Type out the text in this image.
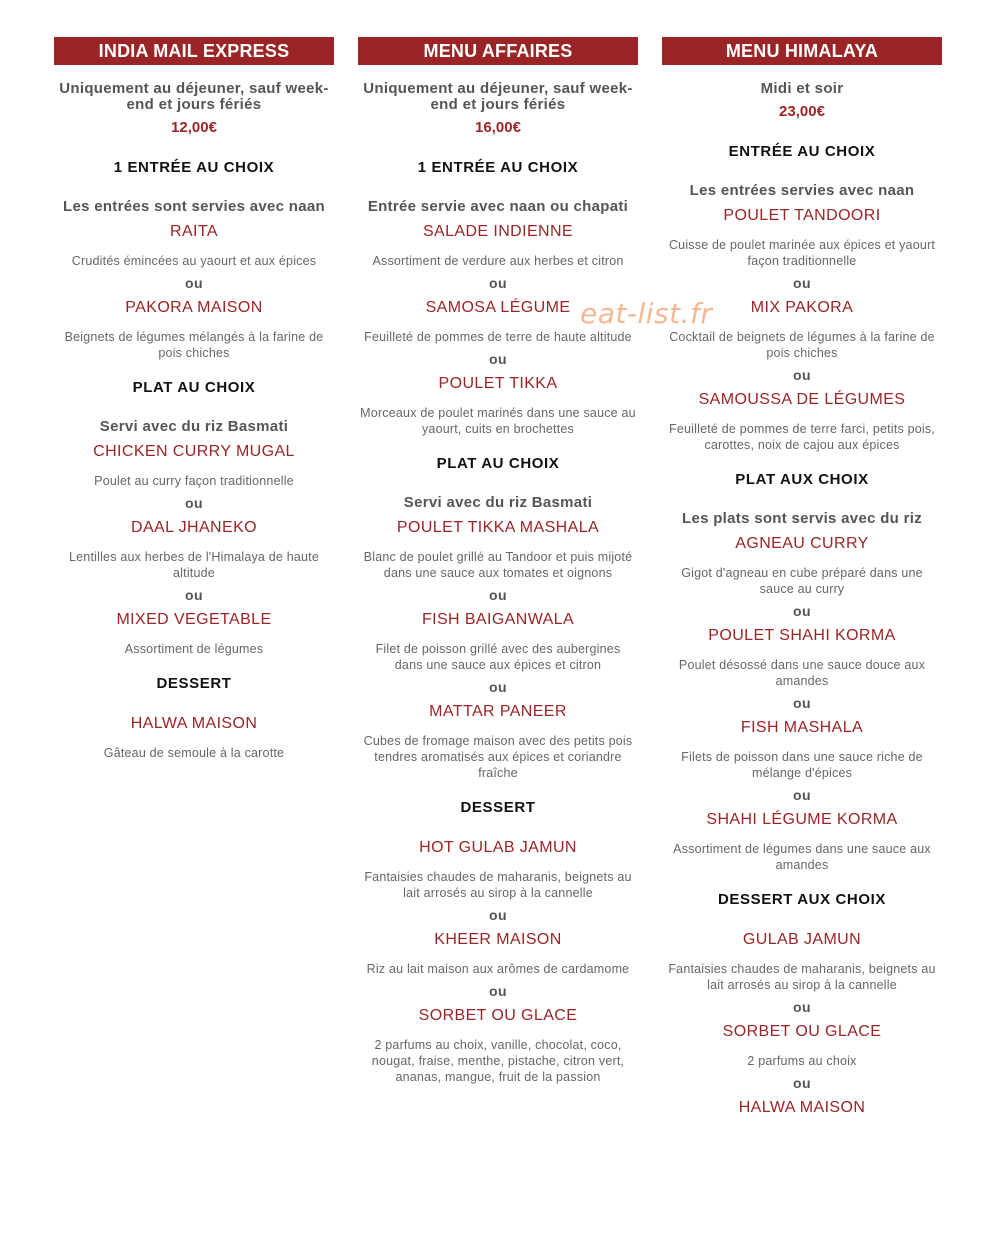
INDIA MAIL EXPRESS
Uniquement au déjeuner, sauf week-end et jours fériés
12,00€
1 ENTRÉE AU CHOIX
Les entrées sont servies avec naan
RAITA
Crudités émincées au yaourt et aux épices
ou
PAKORA MAISON
Beignets de légumes mélangés à la farine de pois chiches
PLAT AU CHOIX
Servi avec du riz Basmati
CHICKEN CURRY MUGAL
Poulet au curry façon traditionnelle
ou
DAAL JHANEKO
Lentilles aux herbes de l'Himalaya de haute altitude
ou
MIXED VEGETABLE
Assortiment de légumes
DESSERT
HALWA MAISON
Gâteau de semoule à la carotte
MENU AFFAIRES
Uniquement au déjeuner, sauf week-end et jours fériés
16,00€
1 ENTRÉE AU CHOIX
Entrée servie avec naan ou chapati
SALADE INDIENNE
Assortiment de verdure aux herbes et citron
ou
SAMOSA LÉGUME
Feuilleté de pommes de terre de haute altitude
ou
POULET TIKKA
Morceaux de poulet marinés dans une sauce au yaourt, cuits en brochettes
PLAT AU CHOIX
Servi avec du riz Basmati
POULET TIKKA MASHALA
Blanc de poulet grillé au Tandoor et puis mijoté dans une sauce aux tomates et oignons
ou
FISH BAIGANWALA
Filet de poisson grillé avec des aubergines dans une sauce aux épices et citron
ou
MATTAR PANEER
Cubes de fromage maison avec des petits pois tendres aromatisés aux épices et coriandre fraîche
DESSERT
HOT GULAB JAMUN
Fantaisies chaudes de maharanis, beignets au lait arrosés au sirop à la cannelle
ou
KHEER MAISON
Riz au lait maison aux arômes de cardamome
ou
SORBET OU GLACE
2 parfums au choix, vanille, chocolat, coco, nougat, fraise, menthe, pistache, citron vert, ananas, mangue, fruit de la passion
MENU HIMALAYA
Midi et soir
23,00€
ENTRÉE AU CHOIX
Les entrées servies avec naan
POULET TANDOORI
Cuisse de poulet marinée aux épices et yaourt façon traditionnelle
ou
MIX PAKORA
Cocktail de beignets de légumes à la farine de pois chiches
ou
SAMOUSSA DE LÉGUMES
Feuilleté de pommes de terre farci, petits pois, carottes, noix de cajou aux épices
PLAT AUX CHOIX
Les plats sont servis avec du riz
AGNEAU CURRY
Gigot d'agneau en cube préparé dans une sauce au curry
ou
POULET SHAHI KORMA
Poulet désossé dans une sauce douce aux amandes
ou
FISH MASHALA
Filets de poisson dans une sauce riche de mélange d'épices
ou
SHAHI LÉGUME KORMA
Assortiment de légumes dans une sauce aux amandes
DESSERT AUX CHOIX
GULAB JAMUN
Fantaisies chaudes de maharanis, beignets au lait arrosés au sirop à la cannelle
ou
SORBET OU GLACE
2 parfums au choix
ou
HALWA MAISON
eat-list.fr
